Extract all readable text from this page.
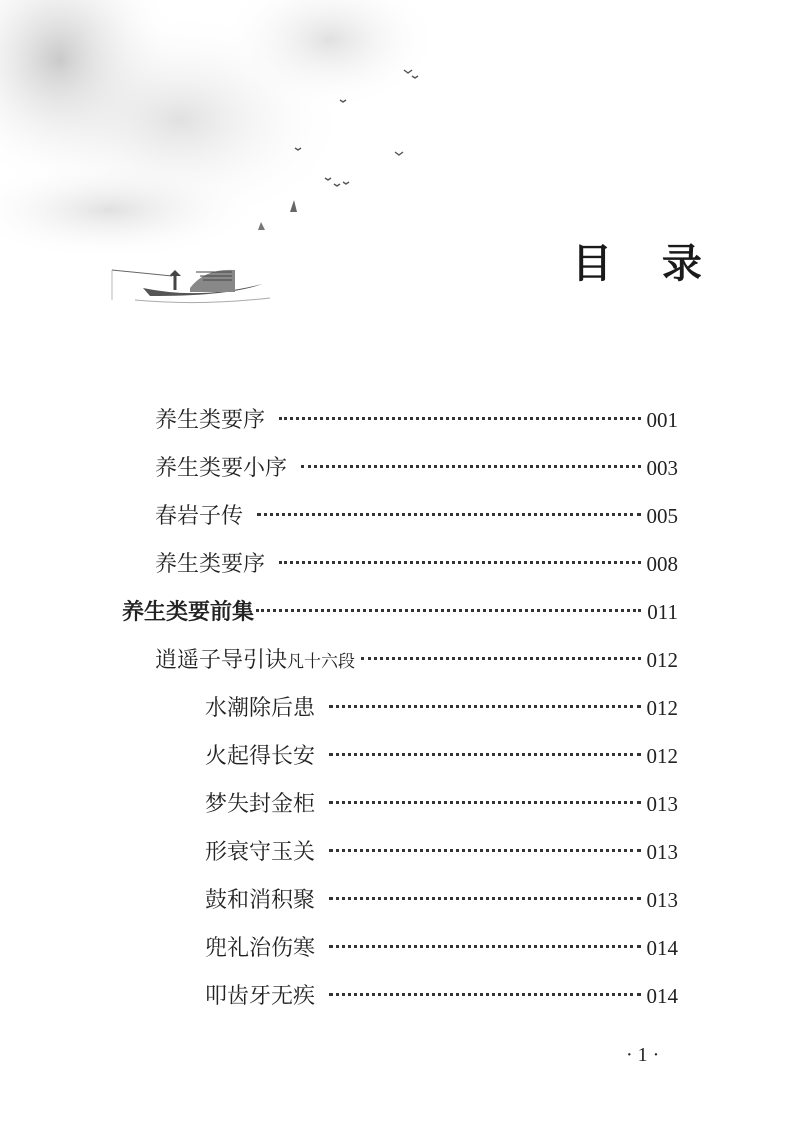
目 录
养生类要序	001
养生类要小序	003
春岩子传	005
养生类要序	008
养生类要前集	011
逍遥子导引诀凡十六段	012
水潮除后患	012
火起得长安	012
梦失封金柜	013
形衰守玉关	013
鼓和消积聚	013
兜礼治伤寒	014
叩齿牙无疾	014
· 1 ·
